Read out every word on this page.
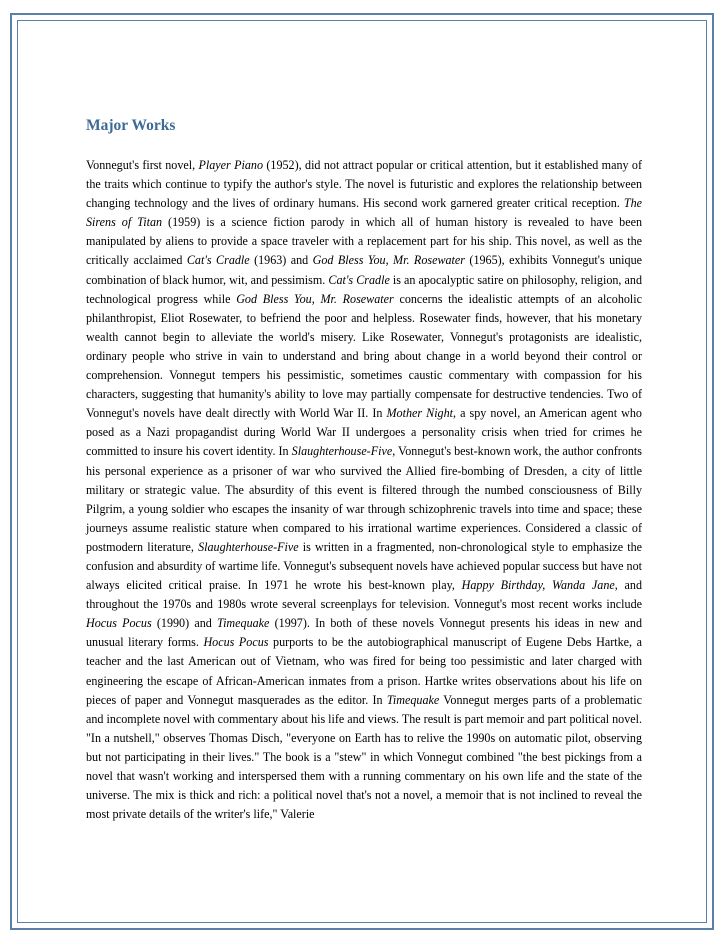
Major Works

Vonnegut's first novel, Player Piano (1952), did not attract popular or critical attention, but it established many of the traits which continue to typify the author's style. The novel is futuristic and explores the relationship between changing technology and the lives of ordinary humans. His second work garnered greater critical reception. The Sirens of Titan (1959) is a science fiction parody in which all of human history is revealed to have been manipulated by aliens to provide a space traveler with a replacement part for his ship. This novel, as well as the critically acclaimed Cat's Cradle (1963) and God Bless You, Mr. Rosewater (1965), exhibits Vonnegut's unique combination of black humor, wit, and pessimism. Cat's Cradle is an apocalyptic satire on philosophy, religion, and technological progress while God Bless You, Mr. Rosewater concerns the idealistic attempts of an alcoholic philanthropist, Eliot Rosewater, to befriend the poor and helpless. Rosewater finds, however, that his monetary wealth cannot begin to alleviate the world's misery. Like Rosewater, Vonnegut's protagonists are idealistic, ordinary people who strive in vain to understand and bring about change in a world beyond their control or comprehension. Vonnegut tempers his pessimistic, sometimes caustic commentary with compassion for his characters, suggesting that humanity's ability to love may partially compensate for destructive tendencies. Two of Vonnegut's novels have dealt directly with World War II. In Mother Night, a spy novel, an American agent who posed as a Nazi propagandist during World War II undergoes a personality crisis when tried for crimes he committed to insure his covert identity. In Slaughterhouse-Five, Vonnegut's best-known work, the author confronts his personal experience as a prisoner of war who survived the Allied fire-bombing of Dresden, a city of little military or strategic value. The absurdity of this event is filtered through the numbed consciousness of Billy Pilgrim, a young soldier who escapes the insanity of war through schizophrenic travels into time and space; these journeys assume realistic stature when compared to his irrational wartime experiences. Considered a classic of postmodern literature, Slaughterhouse-Five is written in a fragmented, non-chronological style to emphasize the confusion and absurdity of wartime life. Vonnegut's subsequent novels have achieved popular success but have not always elicited critical praise. In 1971 he wrote his best-known play, Happy Birthday, Wanda Jane, and throughout the 1970s and 1980s wrote several screenplays for television. Vonnegut's most recent works include Hocus Pocus (1990) and Timequake (1997). In both of these novels Vonnegut presents his ideas in new and unusual literary forms. Hocus Pocus purports to be the autobiographical manuscript of Eugene Debs Hartke, a teacher and the last American out of Vietnam, who was fired for being too pessimistic and later charged with engineering the escape of African-American inmates from a prison. Hartke writes observations about his life on pieces of paper and Vonnegut masquerades as the editor. In Timequake Vonnegut merges parts of a problematic and incomplete novel with commentary about his life and views. The result is part memoir and part political novel. "In a nutshell," observes Thomas Disch, "everyone on Earth has to relive the 1990s on automatic pilot, observing but not participating in their lives." The book is a "stew" in which Vonnegut combined "the best pickings from a novel that wasn't working and interspersed them with a running commentary on his own life and the state of the universe. The mix is thick and rich: a political novel that's not a novel, a memoir that is not inclined to reveal the most private details of the writer's life," Valerie
